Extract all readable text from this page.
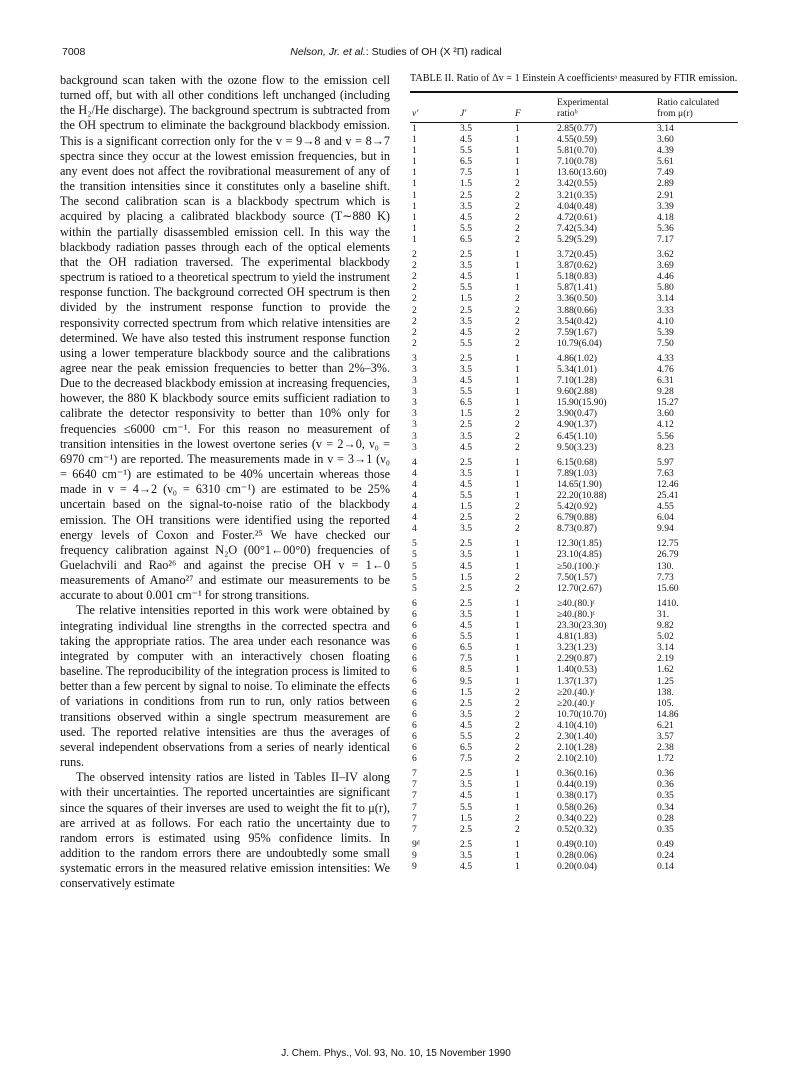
7008	Nelson, Jr. et al.: Studies of OH (X ²Π) radical

background scan taken with the ozone flow to the emission cell turned off, but with all other conditions left unchanged (including the H₂/He discharge). The background spectrum is subtracted from the OH spectrum to eliminate the background blackbody emission. This is a significant correction only for the v = 9→8 and v = 8→7 spectra since they occur at the lowest emission frequencies, but in any event does not affect the rovibrational measurement of any of the transition intensities since it constitutes only a baseline shift. The second calibration scan is a blackbody spectrum which is acquired by placing a calibrated blackbody source (T∼880 K) within the partially disassembled emission cell. In this way the blackbody radiation passes through each of the optical elements that the OH radiation traversed. The experimental blackbody spectrum is ratioed to a theoretical spectrum to yield the instrument response function. The background corrected OH spectrum is then divided by the instrument response function to provide the responsivity corrected spectrum from which relative intensities are determined. We have also tested this instrument response function using a lower temperature blackbody source and the calibrations agree near the peak emission frequencies to better than 2%–3%. Due to the decreased blackbody emission at increasing frequencies, however, the 880 K blackbody source emits sufficient radiation to calibrate the detector responsivity to better than 10% only for frequencies ≤6000 cm⁻¹. For this reason no measurement of transition intensities in the lowest overtone series (v = 2→0, ν₀ = 6970 cm⁻¹) are reported. The measurements made in v = 3→1 (ν₀ = 6640 cm⁻¹) are estimated to be 40% uncertain whereas those made in v = 4→2 (ν₀ = 6310 cm⁻¹) are estimated to be 25% uncertain based on the signal-to-noise ratio of the blackbody emission. The OH transitions were identified using the reported energy levels of Coxon and Foster.²⁵ We have checked our frequency calibration against N₂O (00°1←00°0) frequencies of Guelachvili and Rao²⁶ and against the precise OH v = 1←0 measurements of Amano²⁷ and estimate our measurements to be accurate to about 0.001 cm⁻¹ for strong transitions.

The relative intensities reported in this work were obtained by integrating individual line strengths in the corrected spectra and taking the appropriate ratios. The area under each resonance was integrated by computer with an interactively chosen floating baseline. The reproducibility of the integration process is limited to better than a few percent by signal to noise. To eliminate the effects of variations in conditions from run to run, only ratios between transitions observed within a single spectrum measurement are used. The reported relative intensities are thus the averages of several independent observations from a series of nearly identical runs.

The observed intensity ratios are listed in Tables II–IV along with their uncertainties. The reported uncertainties are significant since the squares of their inverses are used to weight the fit to μ(r), are arrived at as follows. For each ratio the uncertainty due to random errors is estimated using 95% confidence limits. In addition to the random errors there are undoubtedly some small systematic errors in the measured relative emission intensities: We conservatively estimate

TABLE II. Ratio of Δv = 1 Einstein A coefficientsᵃ measured by FTIR emission.
			Experimental	Ratio calculated
v′	J′	F	ratioᵇ	from μ(r)
1	3.5	1	2.85(0.77)	3.14
1	4.5	1	4.55(0.59)	3.60
1	5.5	1	5.81(0.70)	4.39
1	6.5	1	7.10(0.78)	5.61
1	7.5	1	13.60(13.60)	7.49
1	1.5	2	3.42(0.55)	2.89
1	2.5	2	3.21(0.35)	2.91
1	3.5	2	4.04(0.48)	3.39
1	4.5	2	4.72(0.61)	4.18
1	5.5	2	7.42(5.34)	5.36
1	6.5	2	5.29(5.29)	7.17
2	2.5	1	3.72(0.45)	3.62
2	3.5	1	3.87(0.62)	3.69
2	4.5	1	5.18(0.83)	4.46
2	5.5	1	5.87(1.41)	5.80
2	1.5	2	3.36(0.50)	3.14
2	2.5	2	3.88(0.66)	3.33
2	3.5	2	3.54(0.42)	4.10
2	4.5	2	7.59(1.67)	5.39
2	5.5	2	10.79(6.04)	7.50
3	2.5	1	4.86(1.02)	4.33
3	3.5	1	5.34(1.01)	4.76
3	4.5	1	7.10(1.28)	6.31
3	5.5	1	9.60(2.88)	9.28
3	6.5	1	15.90(15.90)	15.27
3	1.5	2	3.90(0.47)	3.60
3	2.5	2	4.90(1.37)	4.12
3	3.5	2	6.45(1.10)	5.56
3	4.5	2	9.50(3.23)	8.23
4	2.5	1	6.15(0.68)	5.97
4	3.5	1	7.89(1.03)	7.63
4	4.5	1	14.65(1.90)	12.46
4	5.5	1	22.20(10.88)	25.41
4	1.5	2	5.42(0.92)	4.55
4	2.5	2	6.79(0.88)	6.04
4	3.5	2	8.73(0.87)	9.94
5	2.5	1	12.30(1.85)	12.75
5	3.5	1	23.10(4.85)	26.79
5	4.5	1	≥50.(100.)ᶜ	130.
5	1.5	2	7.50(1.57)	7.73
5	2.5	2	12.70(2.67)	15.60
6	2.5	1	≥40.(80.)ᶜ	1410.
6	3.5	1	≥40.(80.)ᶜ	31.
6	4.5	1	23.30(23.30)	9.82
6	5.5	1	4.81(1.83)	5.02
6	6.5	1	3.23(1.23)	3.14
6	7.5	1	2.29(0.87)	2.19
6	8.5	1	1.40(0.53)	1.62
6	9.5	1	1.37(1.37)	1.25
6	1.5	2	≥20.(40.)ᶜ	138.
6	2.5	2	≥20.(40.)ᶜ	105.
6	3.5	2	10.70(10.70)	14.86
6	4.5	2	4.10(4.10)	6.21
6	5.5	2	2.30(1.40)	3.57
6	6.5	2	2.10(1.28)	2.38
6	7.5	2	2.10(2.10)	1.72
7	2.5	1	0.36(0.16)	0.36
7	3.5	1	0.44(0.19)	0.36
7	4.5	1	0.38(0.17)	0.35
7	5.5	1	0.58(0.26)	0.34
7	1.5	2	0.34(0.22)	0.28
7	2.5	2	0.52(0.32)	0.35
9ᵈ	2.5	1	0.49(0.10)	0.49
9	3.5	1	0.28(0.06)	0.24
9	4.5	1	0.20(0.04)	0.14
J. Chem. Phys., Vol. 93, No. 10, 15 November 1990
